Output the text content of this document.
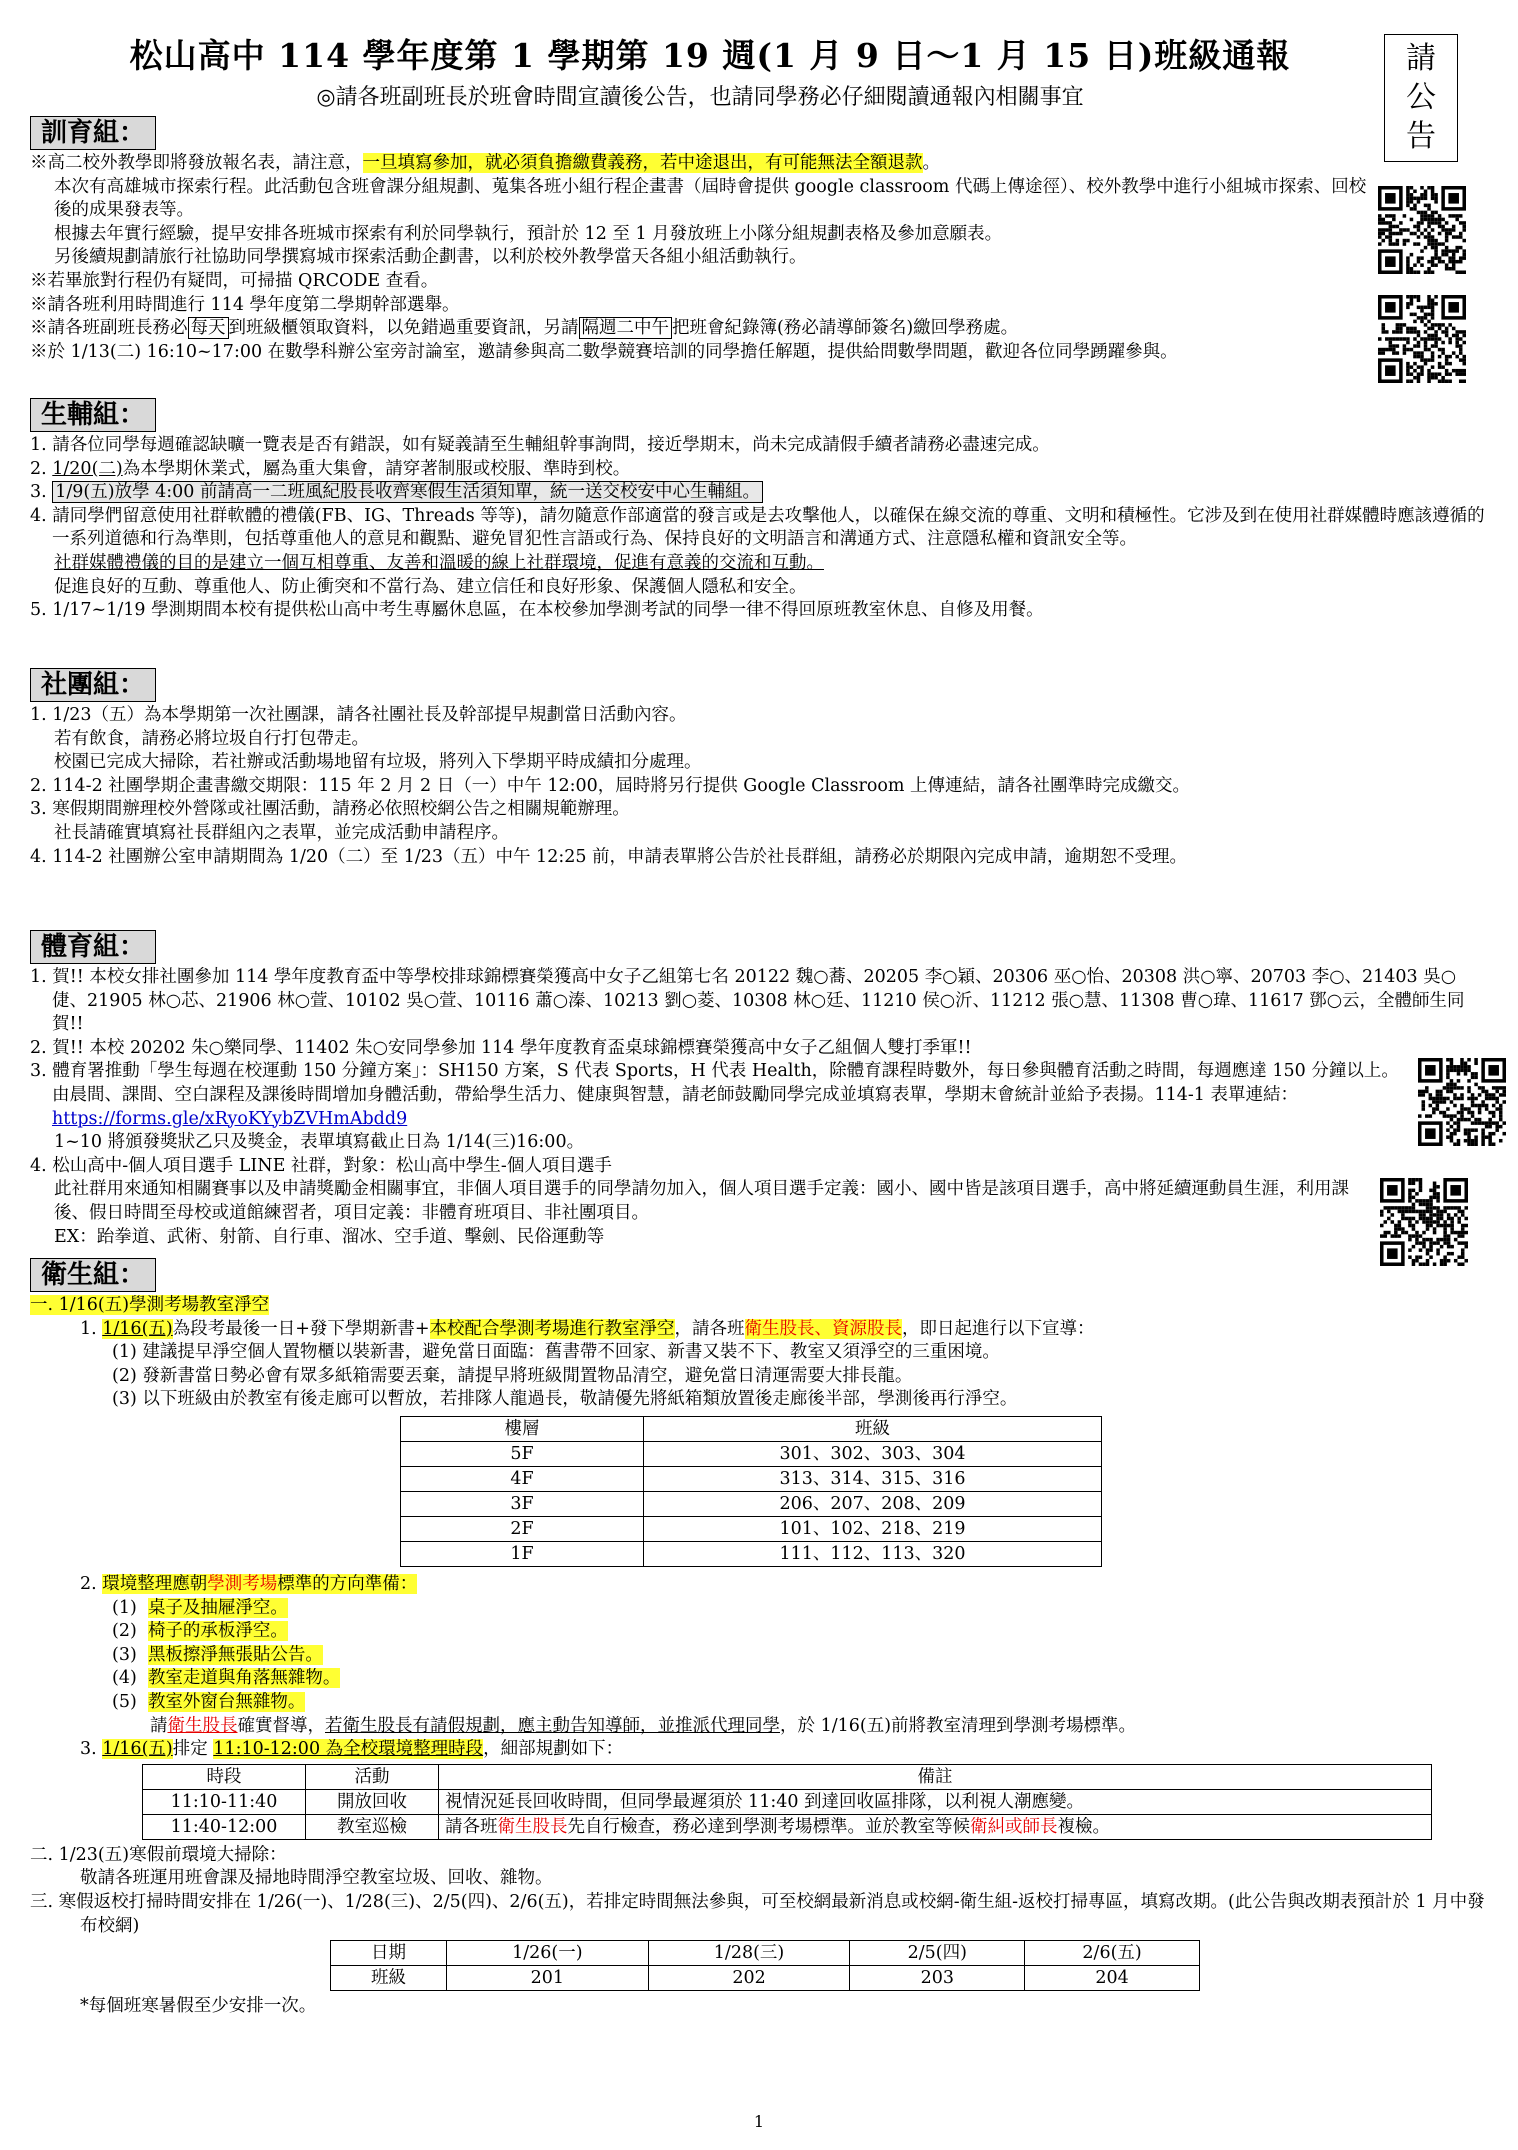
松山高中 114 學年度第 1 學期第 19 週(1 月 9 日～1 月 15 日)班級通報
◎請各班副班長於班會時間宣讀後公告，也請同學務必仔細閱讀通報內相關事宜
請
公
告
訓育組：

※高二校外教學即將發放報名表，請注意，一旦填寫參加，就必須負擔繳費義務，若中途退出，有可能無法全額退款。

本次有高雄城市探索行程。此活動包含班會課分組規劃、蒐集各班小組行程企畫書（屆時會提供 google classroom 代碼上傳途徑）、校外教學中進行小組城市探索、回校後的成果發表等。

根據去年實行經驗，提早安排各班城市探索有利於同學執行，預計於 12 至 1 月發放班上小隊分組規劃表格及參加意願表。

另後續規劃請旅行社協助同學撰寫城市探索活動企劃書，以利於校外教學當天各組小組活動執行。

※若畢旅對行程仍有疑問，可掃描 QRCODE 查看。

※請各班利用時間進行 114 學年度第二學期幹部選舉。

※請各班副班長務必 每天 到班級櫃領取資料，以免錯過重要資訊，另請 隔週二中午 把班會紀錄簿(務必請導師簽名)繳回學務處。

※於 1/13(二) 16:10~17:00 在數學科辦公室旁討論室，邀請參與高二數學競賽培訓的同學擔任解題，提供給問數學問題，歡迎各位同學踴躍參與。

生輔組：

1. 請各位同學每週確認缺曠一覽表是否有錯誤，如有疑義請至生輔組幹事詢問，接近學期末，尚未完成請假手續者請務必盡速完成。

2. 1/20(二)為本學期休業式，屬為重大集會，請穿著制服或校服、準時到校。

3. 1/9(五)放學 4:00 前請高一二班風紀股長收齊寒假生活須知單，統一送交校安中心生輔組。

4. 請同學們留意使用社群軟體的禮儀(FB、IG、Threads 等等)，請勿隨意作部適當的發言或是去攻擊他人，以確保在線交流的尊重、文明和積極性。它涉及到在使用社群媒體時應該遵循的一系列道德和行為準則，包括尊重他人的意見和觀點、避免冒犯性言語或行為、保持良好的文明語言和溝通方式、注意隱私權和資訊安全等。

社群媒體禮儀的目的是建立一個互相尊重、友善和溫暖的線上社群環境，促進有意義的交流和互動。

促進良好的互動、尊重他人、防止衝突和不當行為、建立信任和良好形象、保護個人隱私和安全。

5. 1/17~1/19 學測期間本校有提供松山高中考生專屬休息區，在本校參加學測考試的同學一律不得回原班教室休息、自修及用餐。

社團組：

1. 1/23（五）為本學期第一次社團課，請各社團社長及幹部提早規劃當日活動內容。

若有飲食，請務必將垃圾自行打包帶走。

校園已完成大掃除，若社辦或活動場地留有垃圾，將列入下學期平時成績扣分處理。

2. 114-2 社團學期企畫書繳交期限：115 年 2 月 2 日（一）中午 12:00，屆時將另行提供 Google Classroom 上傳連結，請各社團準時完成繳交。

3. 寒假期間辦理校外營隊或社團活動，請務必依照校網公告之相關規範辦理。

社長請確實填寫社長群組內之表單，並完成活動申請程序。

4. 114-2 社團辦公室申請期間為 1/20（二）至 1/23（五）中午 12:25 前，申請表單將公告於社長群組，請務必於期限內完成申請，逾期恕不受理。

體育組：

1. 賀!! 本校女排社團參加 114 學年度教育盃中等學校排球錦標賽榮獲高中女子乙組第七名 20122 魏○蕎、20205 李○穎、20306 巫○怡、20308 洪○寧、20703 李○、21403 吳○倢、21905 林○芯、21906 林○萱、10102 吳○萱、10116 蕭○溱、10213 劉○菱、10308 林○廷、11210 侯○沂、11212 張○慧、11308 曹○瑋、11617 鄧○云，全體師生同賀!!

2. 賀!! 本校 20202 朱○樂同學、11402 朱○安同學參加 114 學年度教育盃桌球錦標賽榮獲高中女子乙組個人雙打季軍!!

3. 體育署推動「學生每週在校運動 150 分鐘方案」：SH150 方案，S 代表 Sports，H 代表 Health，除體育課程時數外，每日參與體育活動之時間，每週應達 150 分鐘以上。由晨間、課間、空白課程及課後時間增加身體活動，帶給學生活力、健康與智慧，請老師鼓勵同學完成並填寫表單，學期末會統計並給予表揚。114-1 表單連結：https://forms.gle/xRyoKYybZVHmAbdd9

1~10 將頒發獎狀乙只及獎金，表單填寫截止日為 1/14(三)16:00。

4. 松山高中-個人項目選手 LINE 社群，對象：松山高中學生-個人項目選手

此社群用來通知相關賽事以及申請獎勵金相關事宜，非個人項目選手的同學請勿加入，個人項目選手定義：國小、國中皆是該項目選手，高中將延續運動員生涯，利用課後、假日時間至母校或道館練習者，項目定義：非體育班項目、非社團項目。

EX：跆拳道、武術、射箭、自行車、溜冰、空手道、擊劍、民俗運動等

衛生組：

一. 1/16(五)學測考場教室淨空

1. 1/16(五)為段考最後一日+發下學期新書+本校配合學測考場進行教室淨空，請各班衛生股長、資源股長，即日起進行以下宣導：

(1) 建議提早淨空個人置物櫃以裝新書，避免當日面臨：舊書帶不回家、新書又裝不下、教室又須淨空的三重困境。

(2) 發新書當日勢必會有眾多紙箱需要丟棄，請提早將班級閒置物品清空，避免當日清運需要大排長龍。

(3) 以下班級由於教室有後走廊可以暫放，若排隊人龍過長，敬請優先將紙箱類放置後走廊後半部，學測後再行淨空。

樓層	班級
5F	301、302、303、304
4F	313、314、315、316
3F	206、207、208、209
2F	101、102、218、219
1F	111、112、113、320

2. 環境整理應朝學測考場標準的方向準備：

(1) 桌子及抽屜淨空。

(2) 椅子的承板淨空。

(3) 黑板擦淨無張貼公告。

(4) 教室走道與角落無雜物。

(5) 教室外窗台無雜物。

請衛生股長確實督導，若衛生股長有請假規劃，應主動告知導師，並推派代理同學，於 1/16(五)前將教室清理到學測考場標準。

3. 1/16(五)排定 11:10-12:00 為全校環境整理時段，細部規劃如下：

時段	活動	備註
11:10-11:40	開放回收	視情況延長回收時間，但同學最遲須於 11:40 到達回收區排隊，以利視人潮應變。
11:40-12:00	教室巡檢	請各班衛生股長先自行檢查，務必達到學測考場標準。並於教室等候衛糾或師長複檢。

二. 1/23(五)寒假前環境大掃除：

敬請各班運用班會課及掃地時間淨空教室垃圾、回收、雜物。

三. 寒假返校打掃時間安排在 1/26(一)、1/28(三)、2/5(四)、2/6(五)，若排定時間無法參與，可至校網最新消息或校網-衛生組-返校打掃專區，填寫改期。(此公告與改期表預計於 1 月中發布校網)

日期	1/26(一)	1/28(三)	2/5(四)	2/6(五)
班級	201	202	203	204

*每個班寒暑假至少安排一次。

1
